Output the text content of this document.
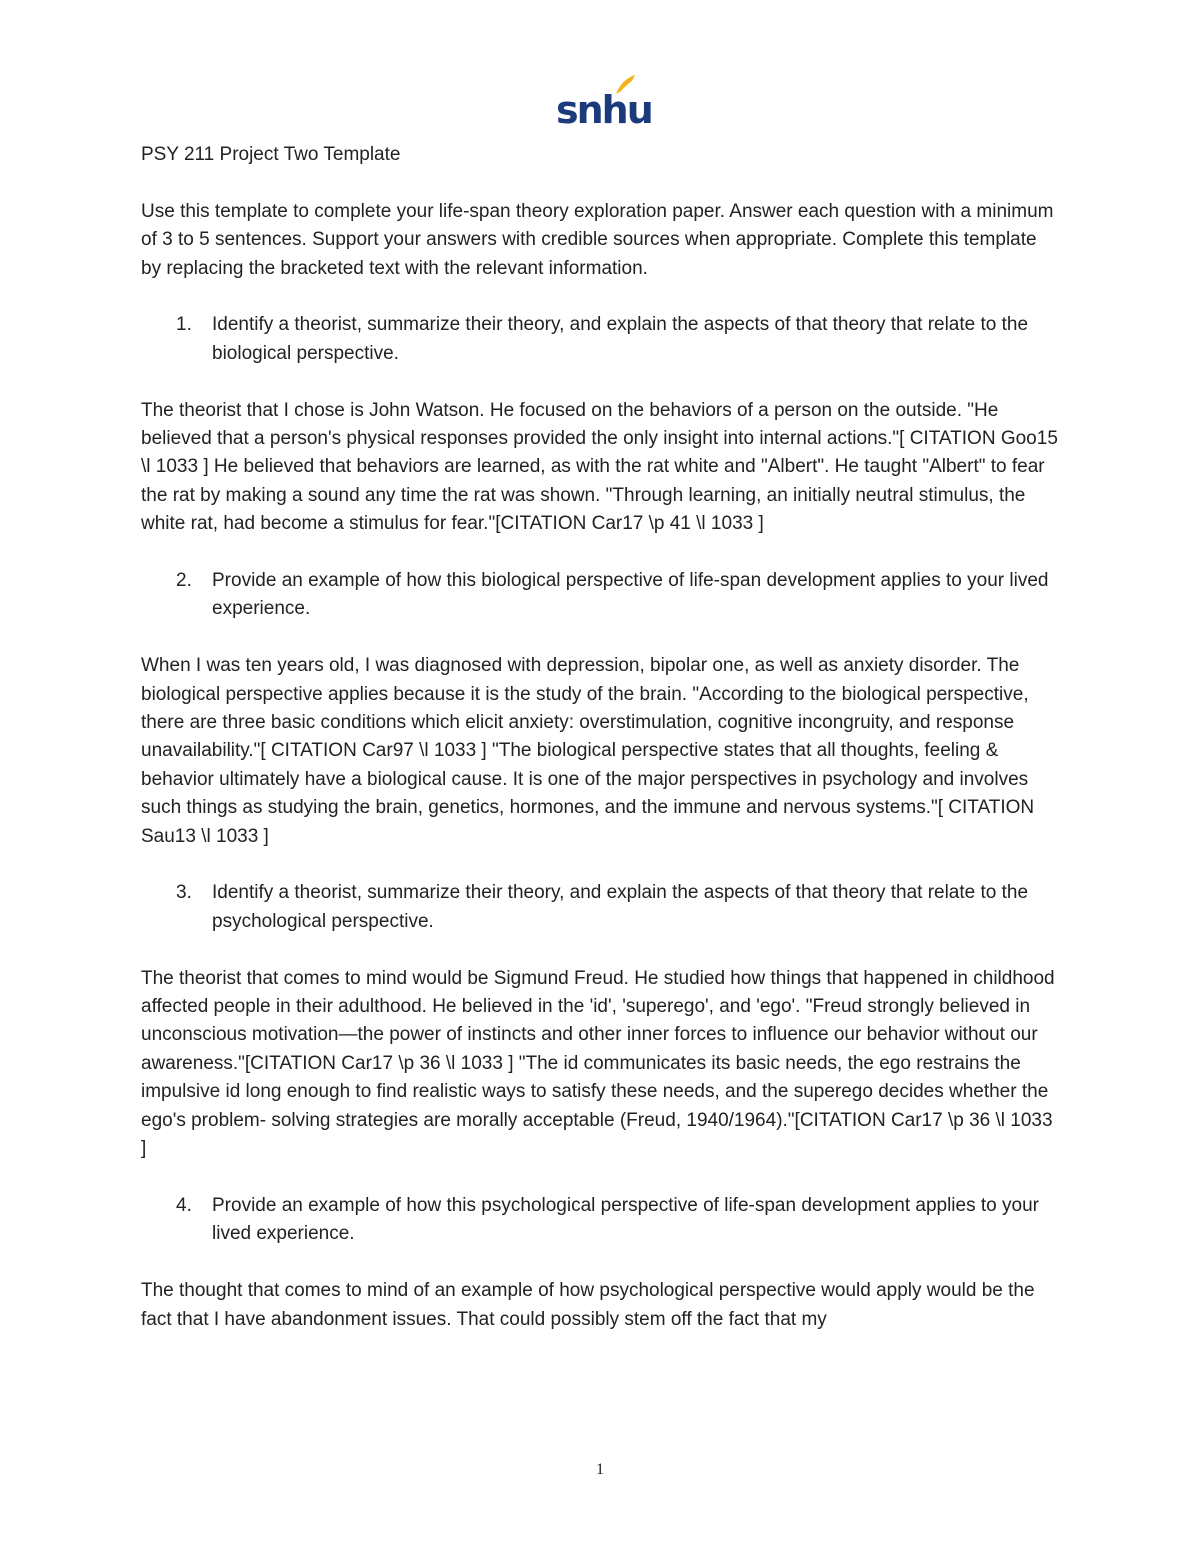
snhu

PSY 211 Project Two Template

Use this template to complete your life-span theory exploration paper. Answer each question with a minimum of 3 to 5 sentences. Support your answers with credible sources when appropriate. Complete this template by replacing the bracketed text with the relevant information.

1. Identify a theorist, summarize their theory, and explain the aspects of that theory that relate to the biological perspective.

The theorist that I chose is John Watson. He focused on the behaviors of a person on the outside. "He believed that a person's physical responses provided the only insight into internal actions."[ CITATION Goo15 \l 1033 ] He believed that behaviors are learned, as with the rat white and "Albert". He taught "Albert" to fear the rat by making a sound any time the rat was shown. "Through learning, an initially neutral stimulus, the white rat, had become a stimulus for fear."[CITATION Car17 \p 41 \l 1033 ]

2. Provide an example of how this biological perspective of life-span development applies to your lived experience.

When I was ten years old, I was diagnosed with depression, bipolar one, as well as anxiety disorder. The biological perspective applies because it is the study of the brain. "According to the biological perspective, there are three basic conditions which elicit anxiety: overstimulation, cognitive incongruity, and response unavailability."[ CITATION Car97 \l 1033 ] "The biological perspective states that all thoughts, feeling & behavior ultimately have a biological cause. It is one of the major perspectives in psychology and involves such things as studying the brain, genetics, hormones, and the immune and nervous systems."[ CITATION Sau13 \l 1033 ]

3. Identify a theorist, summarize their theory, and explain the aspects of that theory that relate to the psychological perspective.

The theorist that comes to mind would be Sigmund Freud. He studied how things that happened in childhood affected people in their adulthood. He believed in the 'id', 'superego', and 'ego'. "Freud strongly believed in unconscious motivation—the power of instincts and other inner forces to influence our behavior without our awareness."[CITATION Car17 \p 36 \l 1033 ] "The id communicates its basic needs, the ego restrains the impulsive id long enough to find realistic ways to satisfy these needs, and the superego decides whether the ego's problem- solving strategies are morally acceptable (Freud, 1940/1964)."[CITATION Car17 \p 36 \l 1033 ]

4. Provide an example of how this psychological perspective of life-span development applies to your lived experience.

The thought that comes to mind of an example of how psychological perspective would apply would be the fact that I have abandonment issues. That could possibly stem off the fact that my

1
